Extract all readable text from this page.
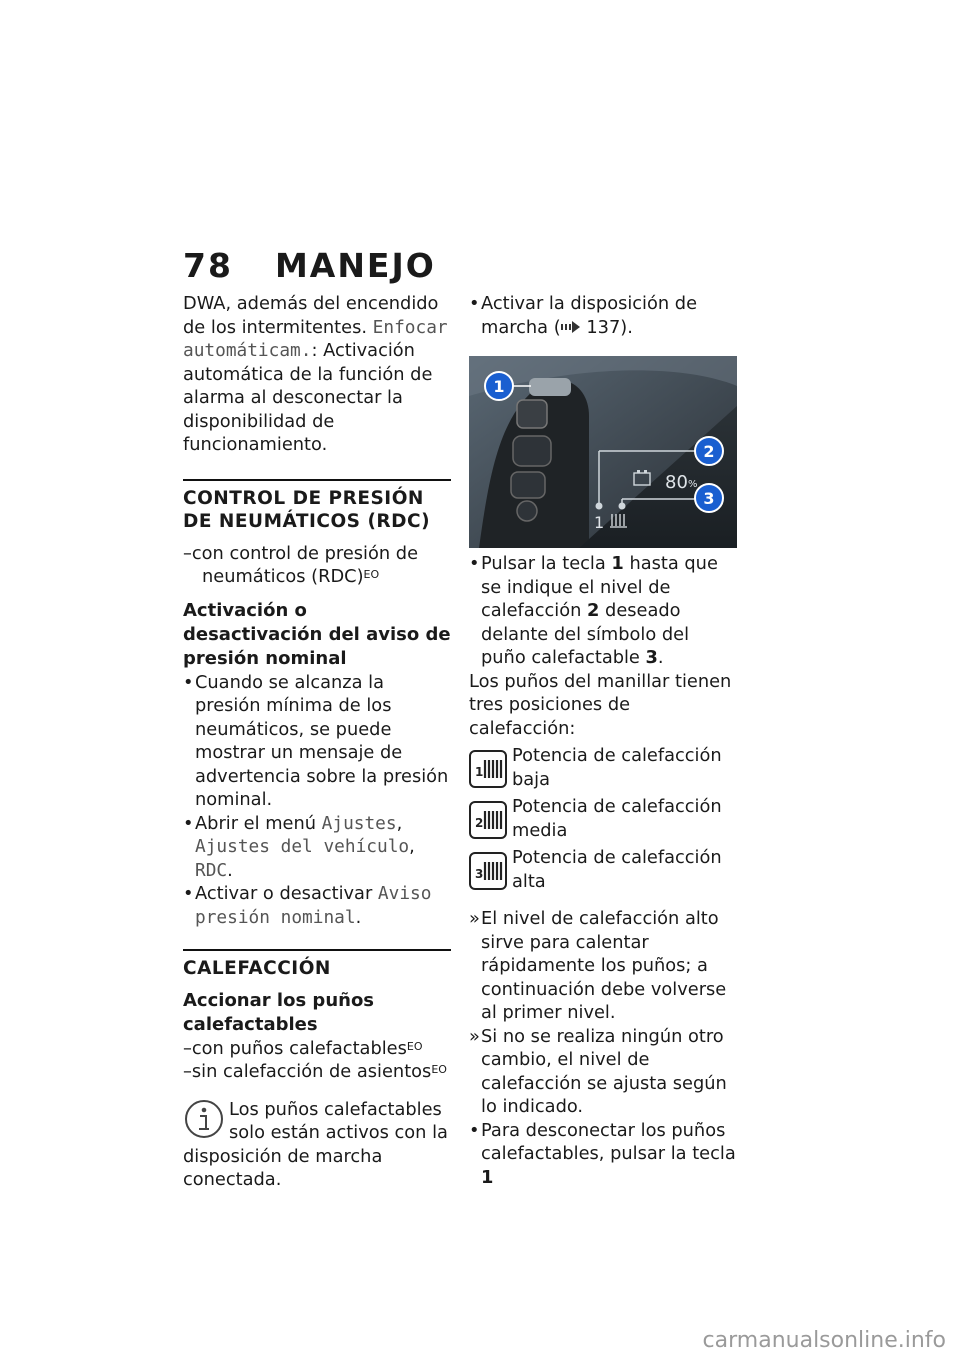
78 MANEJO

DWA, además del encendido de los intermitentes. Enfocar automáticam.: Activación automática de la función de alarma al desconectar la disponibilidad de funcionamiento.

CONTROL DE PRESIÓN DE NEUMÁTICOS (RDC)

–con control de presión de neumáticos (RDC)$^{EO}$

Activación o desactivación del aviso de presión nominal

• Cuando se alcanza la presión mínima de los neumáticos, se puede mostrar un mensaje de advertencia sobre la presión nominal.

• Abrir el menú Ajustes, Ajustes del vehículo, RDC.

• Activar o desactivar Aviso presión nominal.

CALEFACCIÓN
Accionar los puños calefactables

–con puños calefactables$^{EO}$

–sin calefacción de asientos$^{EO}$

Los puños calefactables solo están activos con la disposición de marcha conectada.

• Activar la disposición de marcha ( 137).

80 %
1
1
2
3

• Pulsar la tecla 1 hasta que se indique el nivel de calefacción 2 deseado delante del símbolo del puño calefactable 3.

Los puños del manillar tienen tres posiciones de calefacción:

1
Potencia de calefacción baja
2
Potencia de calefacción media
3
Potencia de calefacción alta

» El nivel de calefacción alto sirve para calentar rápidamente los puños; a continuación debe volverse al primer nivel.

» Si no se realiza ningún otro cambio, el nivel de calefacción se ajusta según lo indicado.

• Para desconectar los puños calefactables, pulsar la tecla 1

carmanualsonline.info
